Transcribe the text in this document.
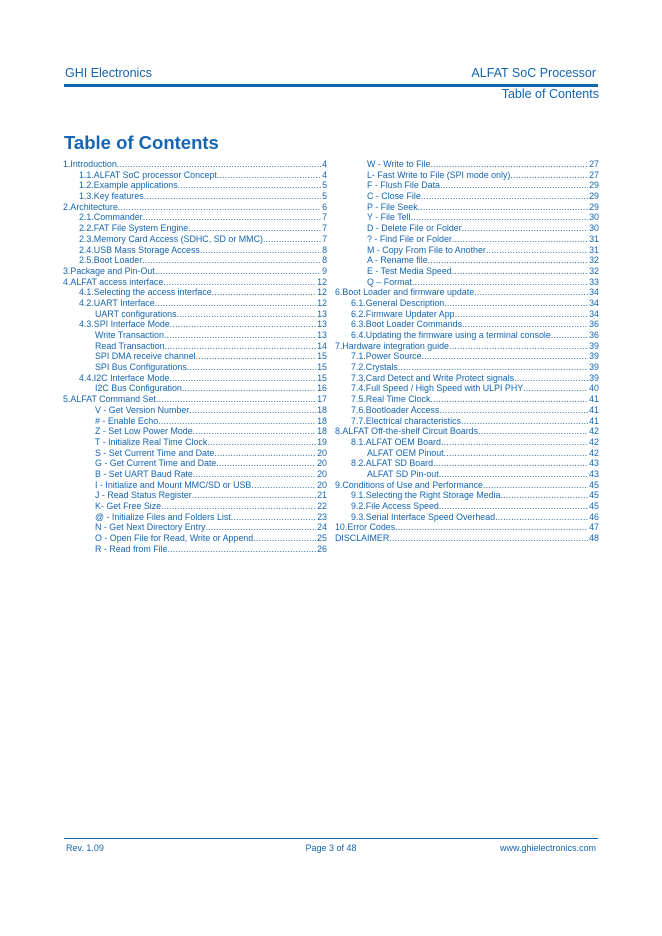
GHI Electronics	ALFAT SoC Processor
Table of Contents
Table of Contents
1.Introduction .....	4
1.1.ALFAT SoC processor Concept .....	4
1.2.Example applications .....	5
1.3.Key features .....	5
2.Architecture .....	6
2.1.Commander .....	7
2.2.FAT File System Engine .....	7
2.3.Memory Card Access (SDHC, SD or MMC) .....	7
2.4.USB Mass Storage Access .....	8
2.5.Boot Loader .....	8
3.Package and Pin-Out .....	9
4.ALFAT access interface .....	12
4.1.Selecting the access interface .....	12
4.2.UART Interface .....	12
UART configurations .....	13
4.3.SPI Interface Mode .....	13
Write Transaction .....	13
Read Transaction .....	14
SPI DMA receive channel .....	15
SPI Bus Configurations .....	15
4.4.I2C Interface Mode .....	15
I2C Bus Configuration .....	16
5.ALFAT Command Set .....	17
V - Get Version Number .....	18
# - Enable Echo .....	18
Z - Set Low Power Mode .....	18
T - Initialize Real Time Clock .....	19
S - Set Current Time and Date .....	20
G - Get Current Time and Date .....	20
B - Set UART Baud Rate .....	20
I - Initialize and Mount MMC/SD or USB .....	20
J - Read Status Register .....	21
K- Get Free Size .....	22
@ - Initialize Files and Folders List .....	23
N - Get Next Directory Entry .....	24
O - Open File for Read, Write or Append .....	25
R - Read from File .....	26
W - Write to File .....	27
L- Fast Write to File (SPI mode only) .....	27
F - Flush File Data .....	29
C - Close File .....	29
P - File Seek .....	29
Y - File Tell .....	30
D - Delete File or Folder .....	30
? - Find File or Folder .....	31
M - Copy From File to Another .....	31
A - Rename file .....	32
E - Test Media Speed .....	32
Q – Format .....	33
6.Boot Loader and firmware update .....	34
6.1.General Description .....	34
6.2.Firmware Updater App .....	34
6.3.Boot Loader Commands .....	36
6.4.Updating the firmware using a terminal console .....	36
7.Hardware integration guide .....	39
7.1.Power Source .....	39
7.2.Crystals .....	39
7.3.Card Detect and Write Protect signals .....	39
7.4.Full Speed / High Speed with ULPI PHY .....	40
7.5.Real Time Clock .....	41
7.6.Bootloader Access .....	41
7.7.Electrical characteristics .....	41
8.ALFAT Off-the-shelf Circuit Boards .....	42
8.1.ALFAT OEM Board .....	42
ALFAT OEM Pinout .....	42
8.2.ALFAT SD Board .....	43
ALFAT SD Pin-out .....	43
9.Conditions of Use and Performance .....	45
9.1.Selecting the Right Storage Media .....	45
9.2.File Access Speed .....	45
9.3.Serial Interface Speed Overhead .....	46
10.Error Codes .....	47
DISCLAIMER .....	48
Rev. 1.09	Page 3 of 48	www.ghielectronics.com
